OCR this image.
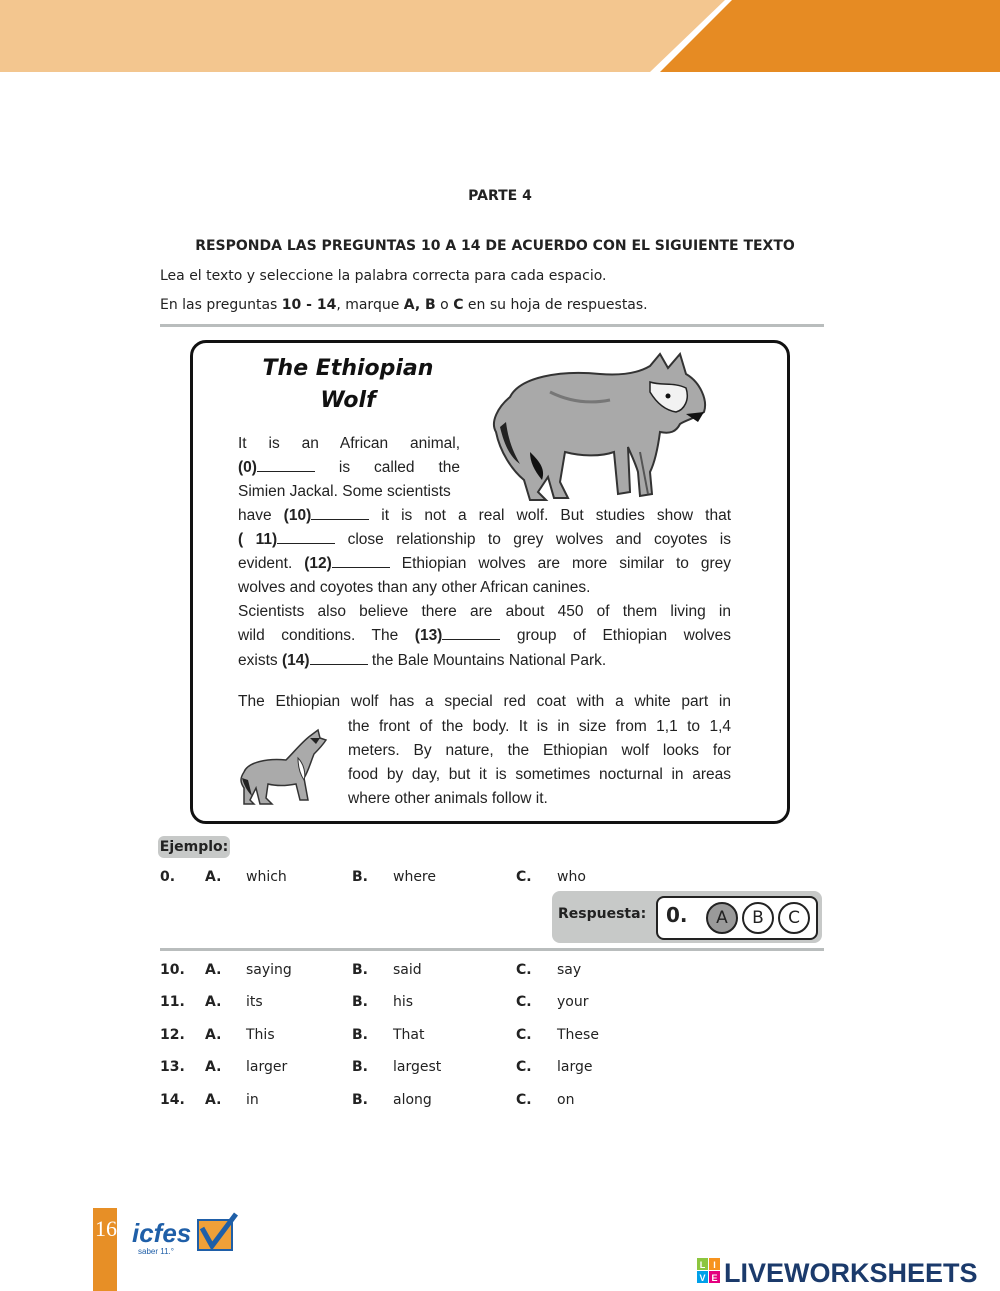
PARTE 4
RESPONDA LAS PREGUNTAS 10 A 14 DE ACUERDO CON EL SIGUIENTE TEXTO
Lea el texto y seleccione la palabra correcta para cada espacio.
En las preguntas 10 - 14, marque A, B o C en su hoja de respuestas.
The Ethiopian
Wolf
It is an African animal,
(0)	is called the
Simien Jackal. Some scientists
have (10)	it is not a real wolf. But studies show that
( 11)	close relationship to grey wolves and coyotes is
evident. (12)	Ethiopian wolves are more similar to grey
wolves and coyotes than any other African canines.
Scientists also believe there are about 450 of them living in
wild conditions. The (13)	group of Ethiopian wolves
exists (14)	the Bale Mountains National Park.
The Ethiopian wolf has a special red coat with a white part in
the front of the body. It is in size from 1,1 to 1,4
meters. By nature, the Ethiopian wolf looks for
food by day, but it is sometimes nocturnal in areas
where other animals follow it.
Ejemplo:
0. A. which	B. where	C. who
Respuesta: 0.	A	B	C
10. A. saying	B. said	C. say
11. A. its	B. his	C. your
12. A. This	B. That	C. These
13. A. larger	B. largest	C. large
14. A. in	B. along	C. on
16 icfes
saber 11.°
L I
V E LIVEWORKSHEETS
